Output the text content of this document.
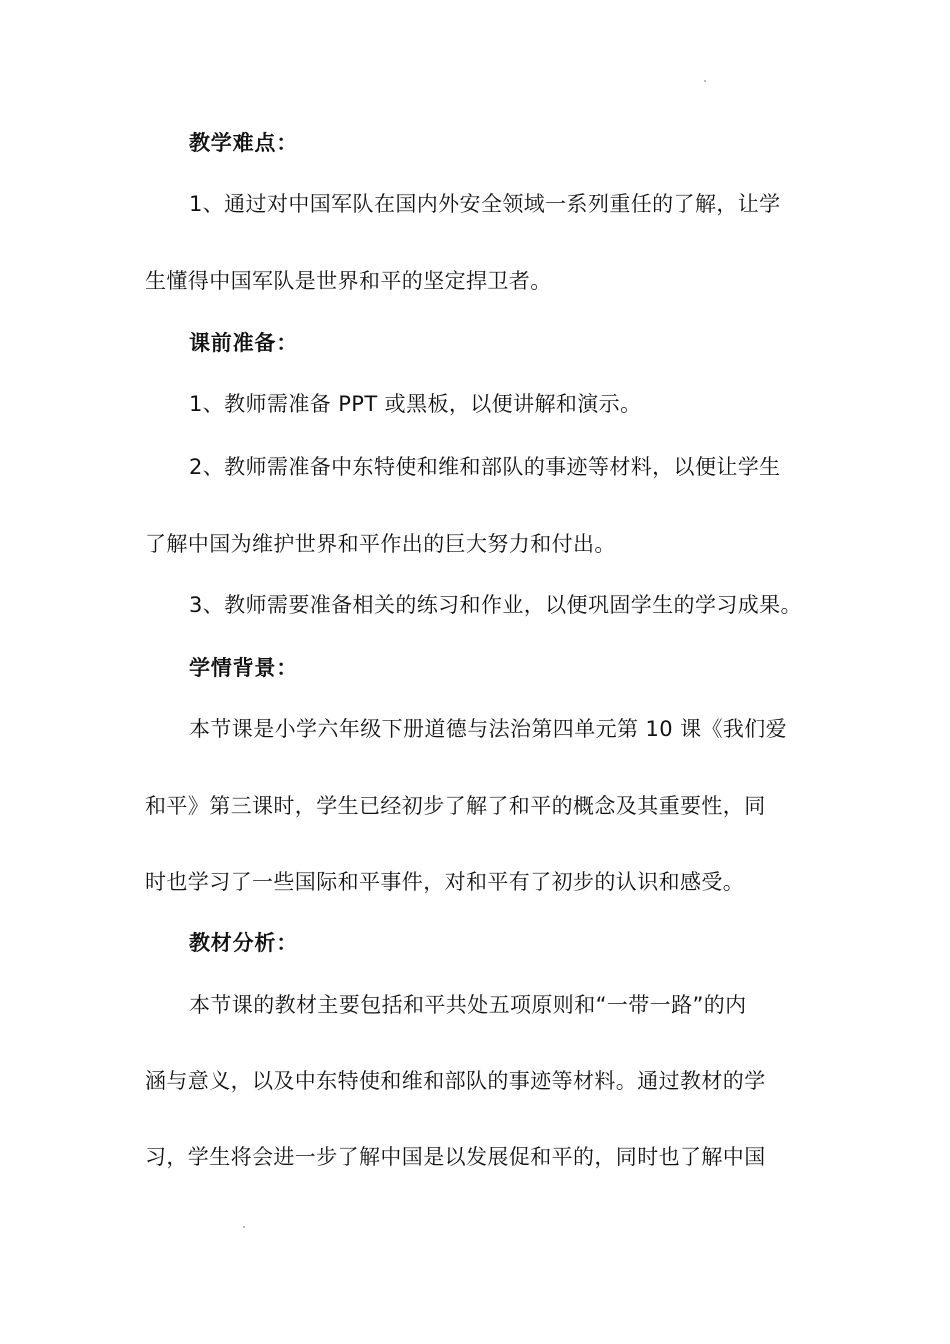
教学难点：
1、通过对中国军队在国内外安全领域一系列重任的了解，让学
生懂得中国军队是世界和平的坚定捍卫者。
课前准备：
1、教师需准备 PPT 或黑板，以便讲解和演示。
2、教师需准备中东特使和维和部队的事迹等材料，以便让学生
了解中国为维护世界和平作出的巨大努力和付出。
3、教师需要准备相关的练习和作业，以便巩固学生的学习成果。
学情背景：
本节课是小学六年级下册道德与法治第四单元第 10 课《我们爱
和平》第三课时，学生已经初步了解了和平的概念及其重要性，同
时也学习了一些国际和平事件，对和平有了初步的认识和感受。
教材分析：
本节课的教材主要包括和平共处五项原则和“一带一路”的内
涵与意义，以及中东特使和维和部队的事迹等材料。通过教材的学
习，学生将会进一步了解中国是以发展促和平的，同时也了解中国
